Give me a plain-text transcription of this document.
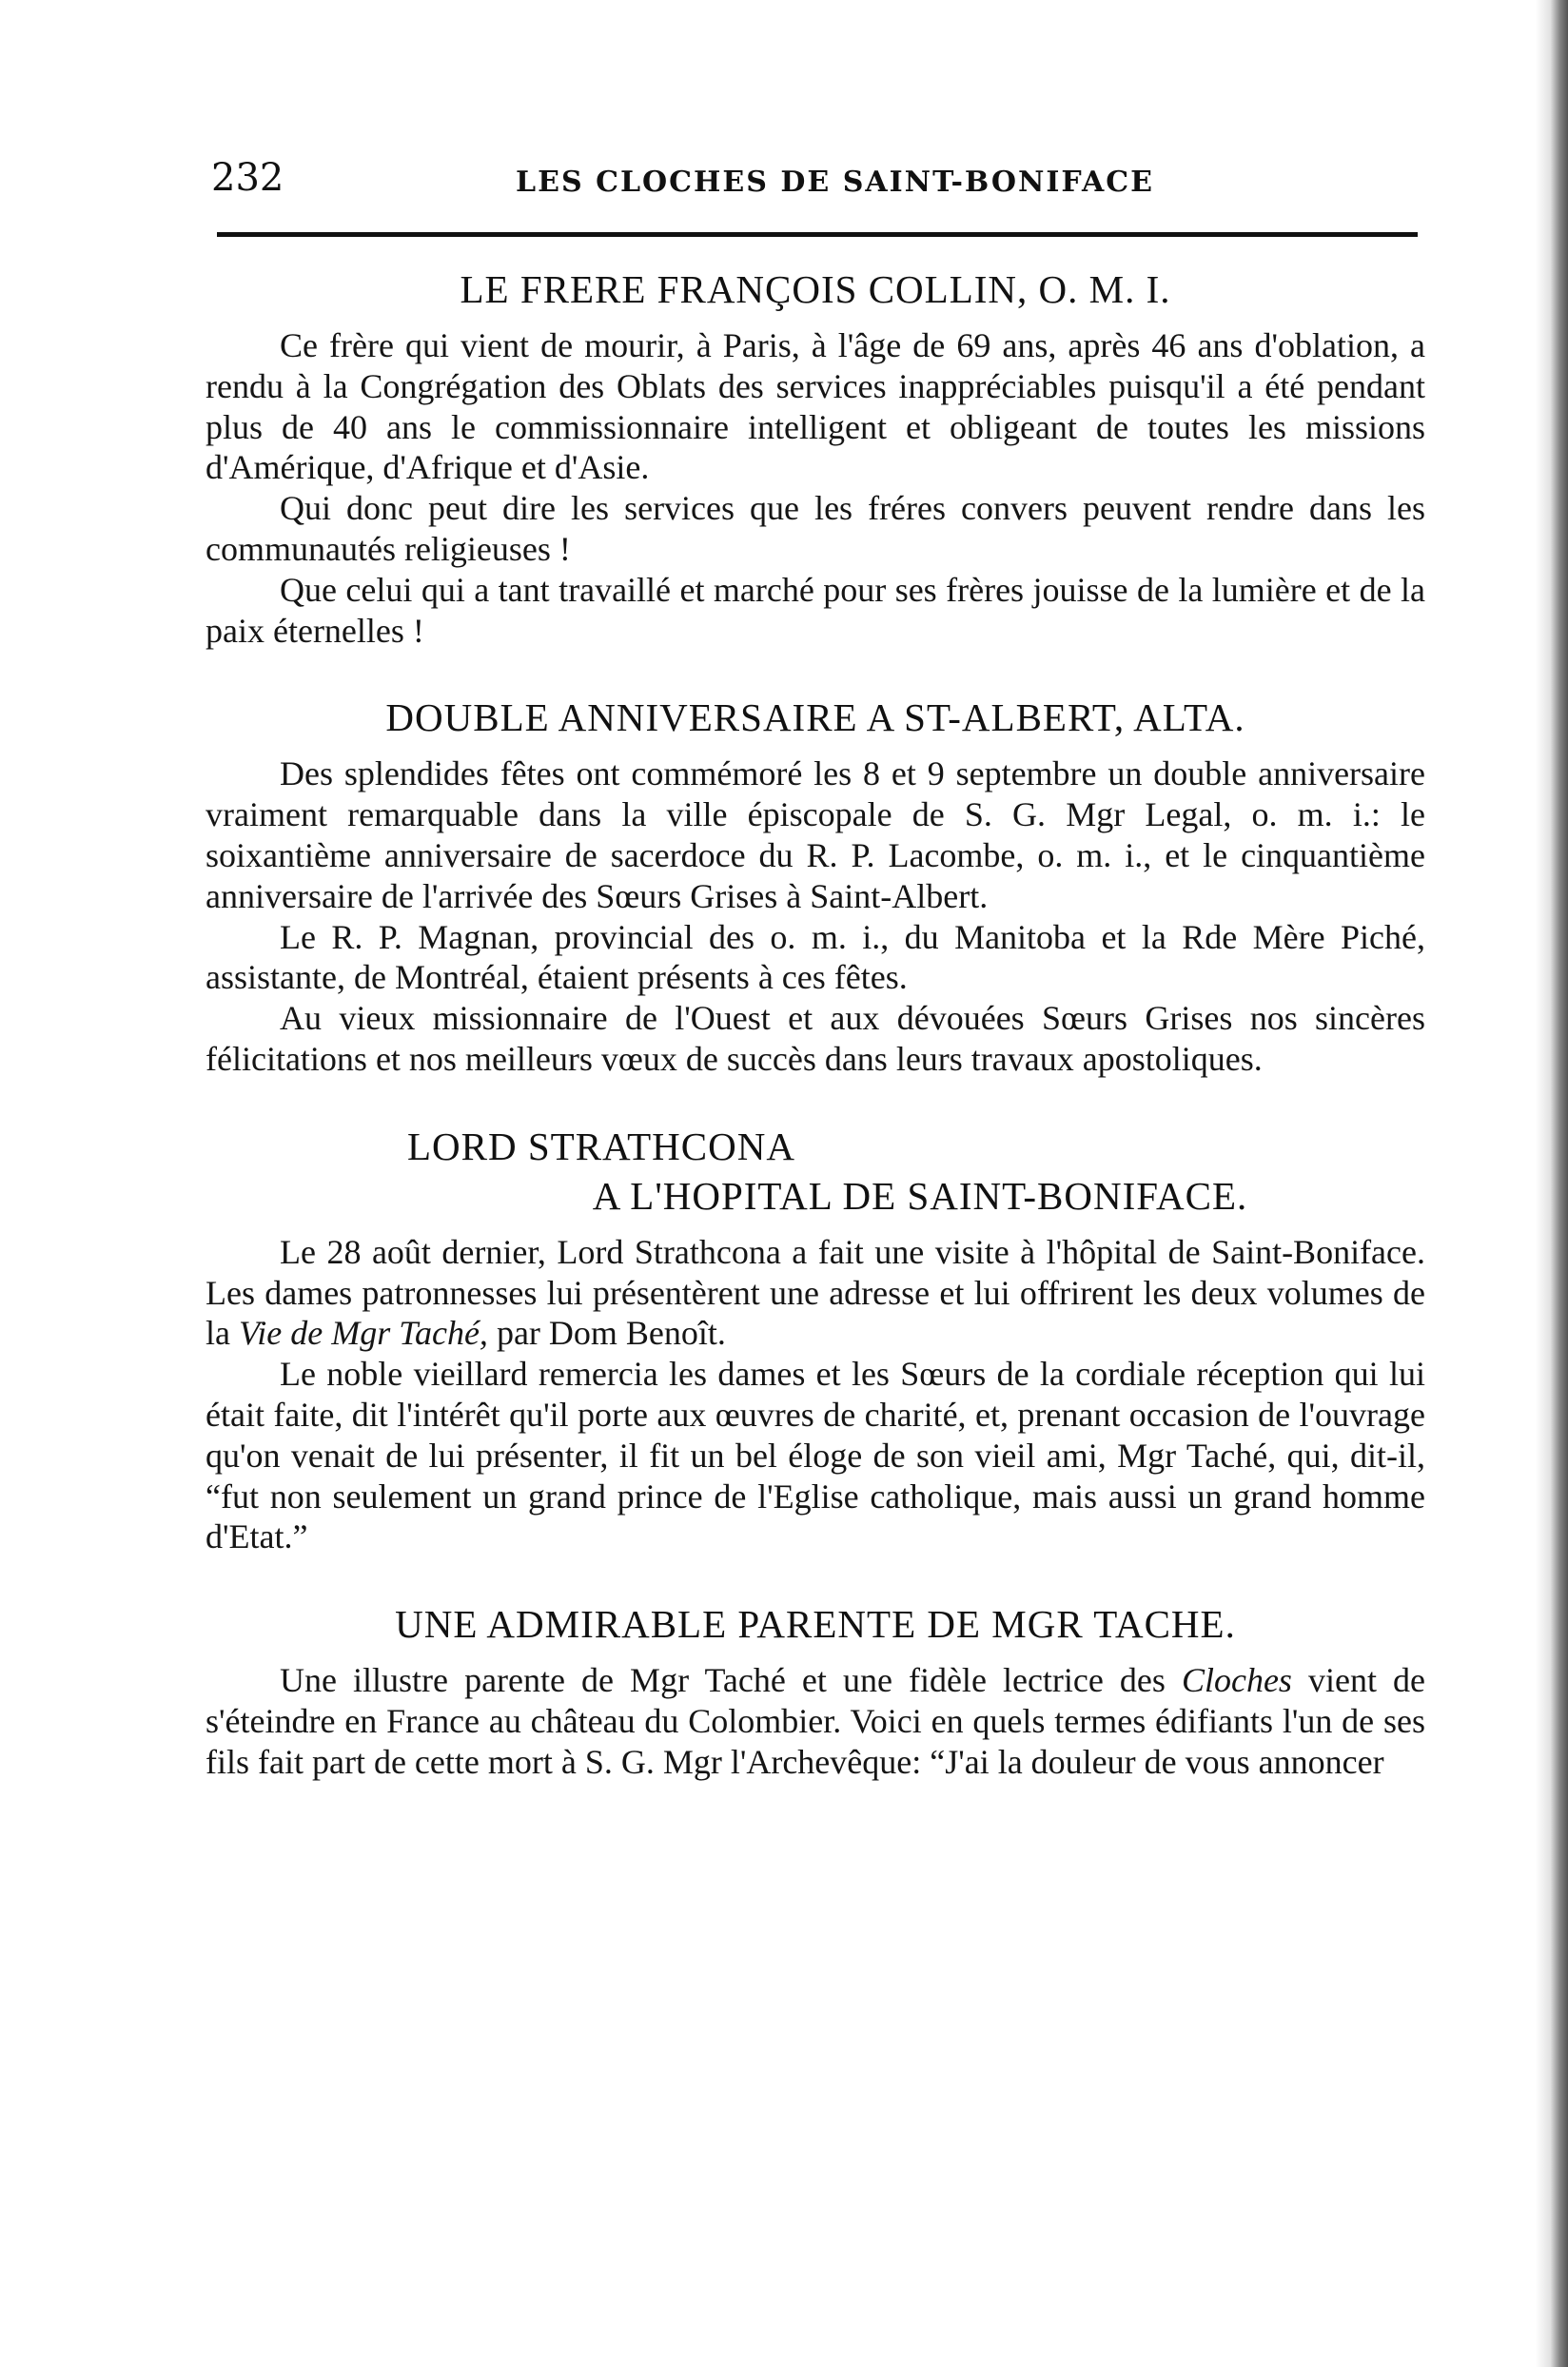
232	LES CLOCHES DE SAINT-BONIFACE
LE FRERE FRANÇOIS COLLIN, O. M. I.

Ce frère qui vient de mourir, à Paris, à l'âge de 69 ans, après 46 ans d'oblation, a rendu à la Congrégation des Oblats des services inappréciables puisqu'il a été pendant plus de 40 ans le commissionnaire intelligent et obligeant de toutes les missions d'Amérique, d'Afrique et d'Asie.

Qui donc peut dire les services que les fréres convers peuvent rendre dans les communautés religieuses !

Que celui qui a tant travaillé et marché pour ses frères jouisse de la lumière et de la paix éternelles !

DOUBLE ANNIVERSAIRE A ST-ALBERT, ALTA.

Des splendides fêtes ont commémoré les 8 et 9 septembre un double anniversaire vraiment remarquable dans la ville épiscopale de S. G. Mgr Legal, o. m. i.: le soixantième anniversaire de sacerdoce du R. P. Lacombe, o. m. i., et le cinquantième anniversaire de l'arrivée des Sœurs Grises à Saint-Albert.

Le R. P. Magnan, provincial des o. m. i., du Manitoba et la Rde Mère Piché, assistante, de Montréal, étaient présents à ces fêtes.

Au vieux missionnaire de l'Ouest et aux dévouées Sœurs Grises nos sincères félicitations et nos meilleurs vœux de succès dans leurs travaux apostoliques.

LORD STRATHCONA
A L'HOPITAL DE SAINT-BONIFACE.

Le 28 août dernier, Lord Strathcona a fait une visite à l'hôpital de Saint-Boniface. Les dames patronnesses lui présentèrent une adresse et lui offrirent les deux volumes de la Vie de Mgr Taché, par Dom Benoît.

Le noble vieillard remercia les dames et les Sœurs de la cordiale réception qui lui était faite, dit l'intérêt qu'il porte aux œuvres de charité, et, prenant occasion de l'ouvrage qu'on venait de lui présenter, il fit un bel éloge de son vieil ami, Mgr Taché, qui, dit-il, “fut non seulement un grand prince de l'Eglise catholique, mais aussi un grand homme d'Etat.”

UNE ADMIRABLE PARENTE DE MGR TACHE.

Une illustre parente de Mgr Taché et une fidèle lectrice des Cloches vient de s'éteindre en France au château du Colombier. Voici en quels termes édifiants l'un de ses fils fait part de cette mort à S. G. Mgr l'Archevêque: “J'ai la douleur de vous annoncer
